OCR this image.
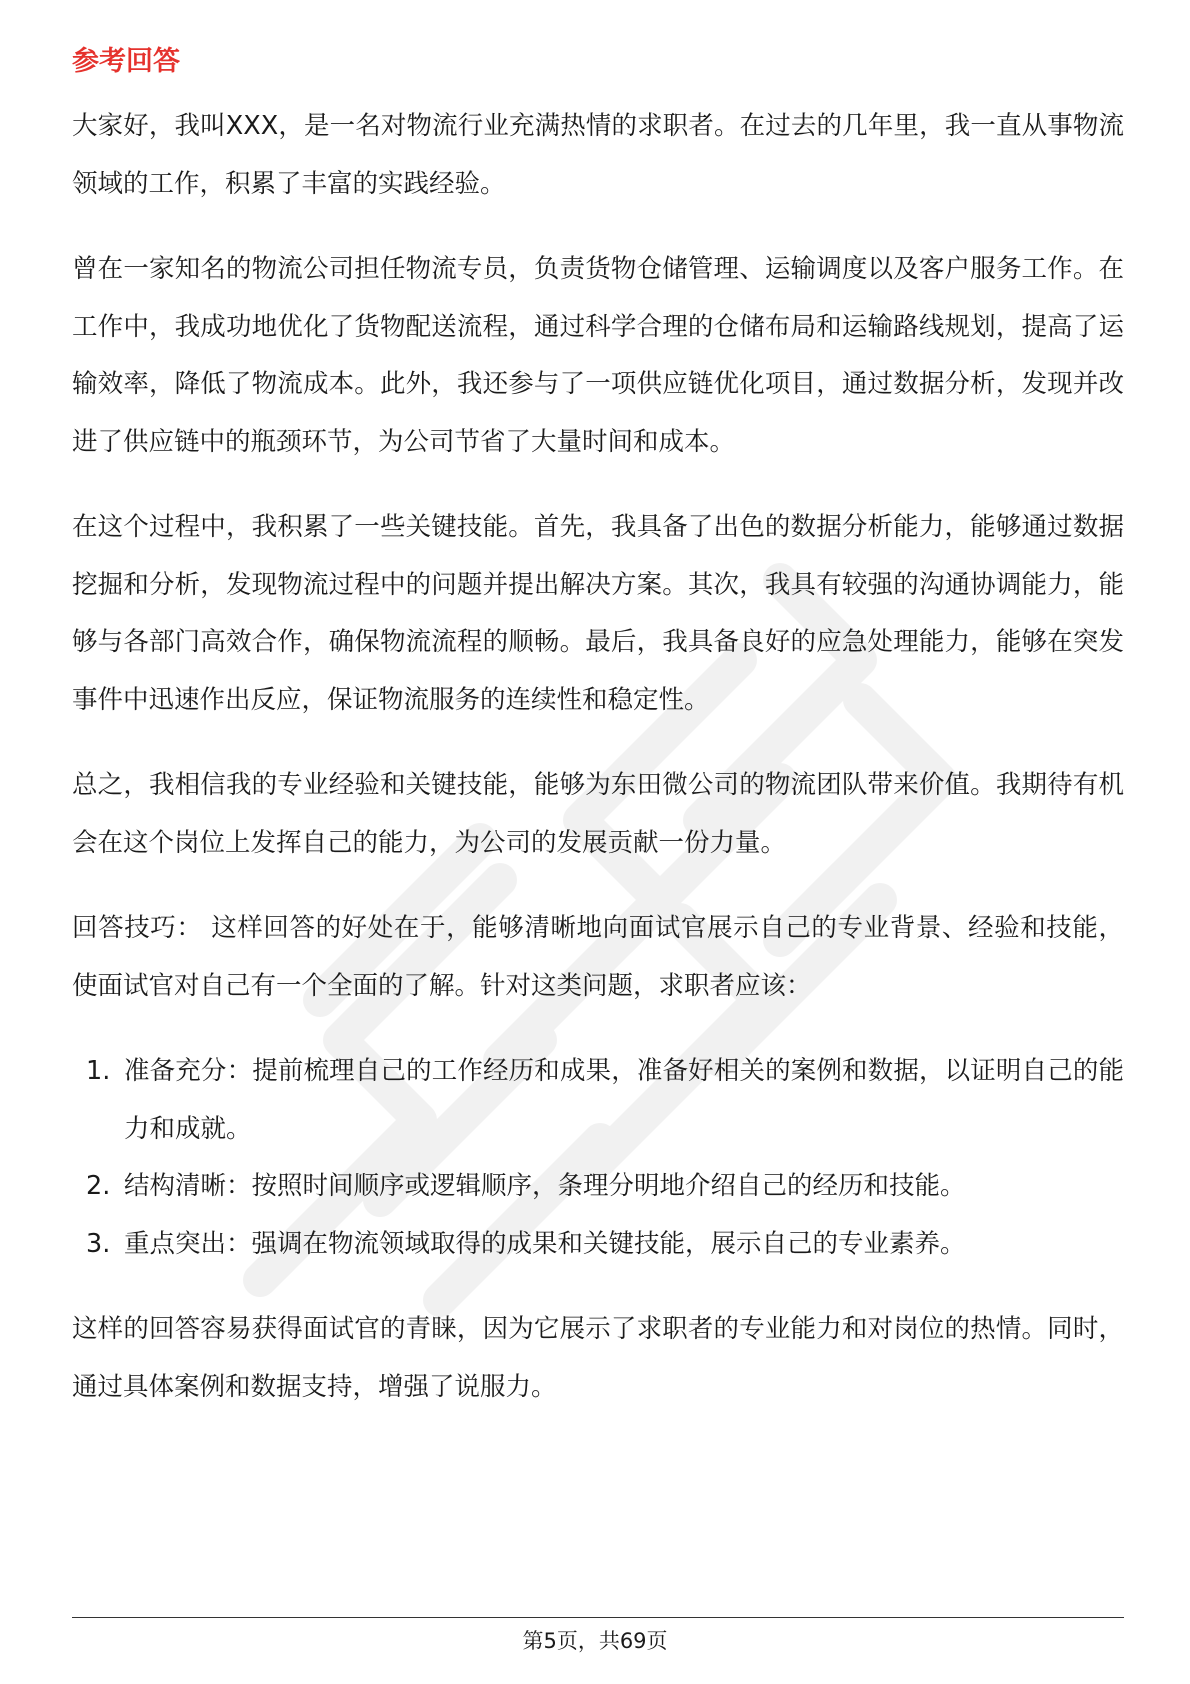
参考回答

大家好，我叫XXX，是一名对物流行业充满热情的求职者。在过去的几年里，我一直从事物流领域的工作，积累了丰富的实践经验。

曾在一家知名的物流公司担任物流专员，负责货物仓储管理、运输调度以及客户服务工作。在工作中，我成功地优化了货物配送流程，通过科学合理的仓储布局和运输路线规划，提高了运输效率，降低了物流成本。此外，我还参与了一项供应链优化项目，通过数据分析，发现并改进了供应链中的瓶颈环节，为公司节省了大量时间和成本。

在这个过程中，我积累了一些关键技能。首先，我具备了出色的数据分析能力，能够通过数据挖掘和分析，发现物流过程中的问题并提出解决方案。其次，我具有较强的沟通协调能力，能够与各部门高效合作，确保物流流程的顺畅。最后，我具备良好的应急处理能力，能够在突发事件中迅速作出反应，保证物流服务的连续性和稳定性。

总之，我相信我的专业经验和关键技能，能够为东田微公司的物流团队带来价值。我期待有机会在这个岗位上发挥自己的能力，为公司的发展贡献一份力量。

回答技巧： 这样回答的好处在于，能够清晰地向面试官展示自己的专业背景、经验和技能，使面试官对自己有一个全面的了解。针对这类问题，求职者应该：

1. 准备充分：提前梳理自己的工作经历和成果，准备好相关的案例和数据，以证明自己的能力和成就。
2. 结构清晰：按照时间顺序或逻辑顺序，条理分明地介绍自己的经历和技能。
3. 重点突出：强调在物流领域取得的成果和关键技能，展示自己的专业素养。

这样的回答容易获得面试官的青睐，因为它展示了求职者的专业能力和对岗位的热情。同时，通过具体案例和数据支持，增强了说服力。

第5页，共69页
